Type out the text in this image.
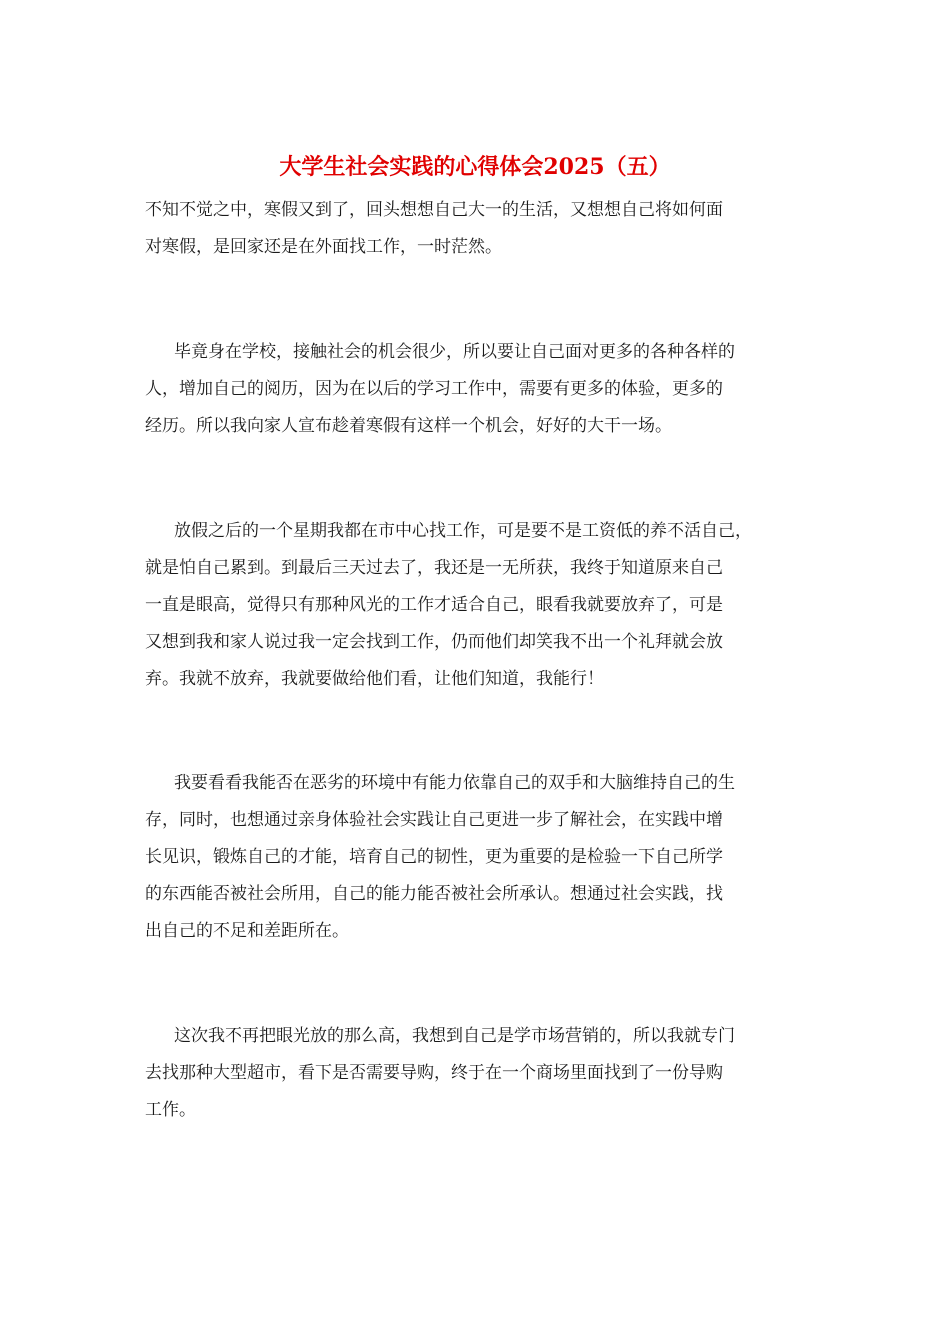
大学生社会实践的心得体会2025（五）
不知不觉之中，寒假又到了，回头想想自己大一的生活，又想想自己将如何面
对寒假，是回家还是在外面找工作，一时茫然。
毕竟身在学校，接触社会的机会很少，所以要让自己面对更多的各种各样的
人，增加自己的阅历，因为在以后的学习工作中，需要有更多的体验，更多的
经历。所以我向家人宣布趁着寒假有这样一个机会，好好的大干一场。
放假之后的一个星期我都在市中心找工作，可是要不是工资低的养不活自己，
就是怕自己累到。到最后三天过去了，我还是一无所获，我终于知道原来自己
一直是眼高，觉得只有那种风光的工作才适合自己，眼看我就要放弃了，可是
又想到我和家人说过我一定会找到工作，仍而他们却笑我不出一个礼拜就会放
弃。我就不放弃，我就要做给他们看，让他们知道，我能行！
我要看看我能否在恶劣的环境中有能力依靠自己的双手和大脑维持自己的生
存，同时，也想通过亲身体验社会实践让自己更进一步了解社会，在实践中增
长见识，锻炼自己的才能，培育自己的韧性，更为重要的是检验一下自己所学
的东西能否被社会所用，自己的能力能否被社会所承认。想通过社会实践，找
出自己的不足和差距所在。
这次我不再把眼光放的那么高，我想到自己是学市场营销的，所以我就专门
去找那种大型超市，看下是否需要导购，终于在一个商场里面找到了一份导购
工作。
